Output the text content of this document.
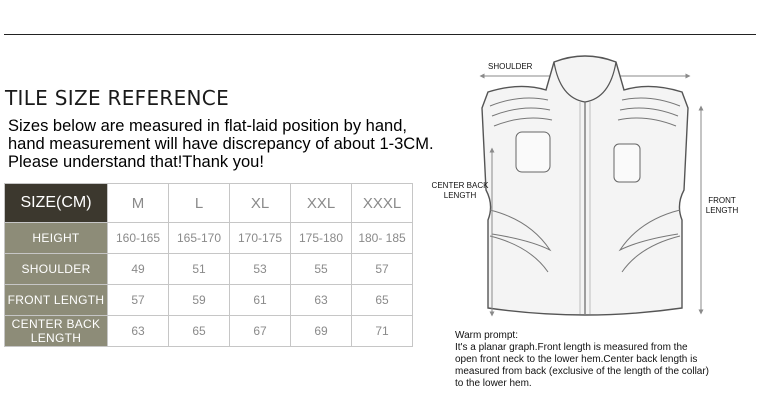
TILE SIZE REFERENCE
Sizes below are measured in flat-laid position by hand,
hand measurement will have discrepancy of about 1-3CM.
Please understand that!Thank you!
SIZE(CM)	M	L	XL	XXL	XXXL
HEIGHT	160-165	165-170	170-175	175-180	180- 185
SHOULDER	49	51	53	55	57
FRONT LENGTH	57	59	61	63	65

CENTER BACK
LENGTH	63	65	67	69	71
SHOULDER
CENTER BACK
LENGTH
FRONT
LENGTH
Warm prompt:
It's a planar graph.Front length is measured from the
open front neck to the lower hem.Center back length is
measured from back (exclusive of the length of the collar)
to the lower hem.
